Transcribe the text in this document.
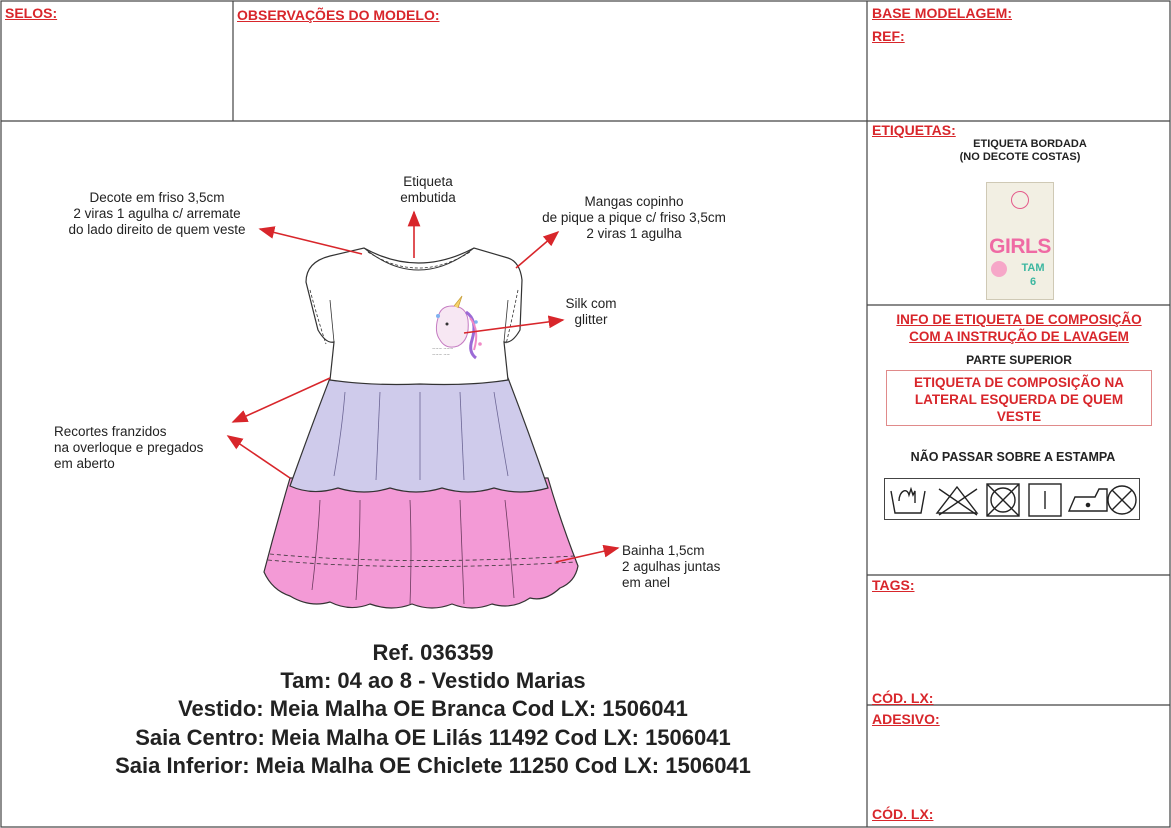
SELOS:	OBSERVAÇÕES DO MODELO:	BASE MODELAGEM:
REF:
ETIQUETAS:
TAGS:
CÓD. LX:
ADESIVO:
CÓD. LX:
ETIQUETA BORDADA
(NO DECOTE COSTAS)
GIRLS
TAM
6
INFO DE ETIQUETA DE COMPOSIÇÃO
COM A INSTRUÇÃO DE LAVAGEM
PARTE SUPERIOR
ETIQUETA DE COMPOSIÇÃO NA
LATERAL ESQUERDA DE QUEM
VESTE
NÃO PASSAR SOBRE A ESTAMPA
~~~ ~~~
~~~ ~~
Decote em friso 3,5cm
2 viras 1 agulha c/ arremate
do lado direito de quem veste
Etiqueta
embutida	Mangas copinho
de pique a pique c/ friso 3,5cm
2 viras 1 agulha
Silk com
glitter
Recortes franzidos
na overloque e pregados
em aberto
Bainha 1,5cm
2 agulhas juntas
em anel
Ref. 036359
Tam: 04 ao 8 - Vestido Marias
Vestido: Meia Malha OE Branca Cod LX: 1506041
Saia Centro: Meia Malha OE Lilás 11492 Cod LX: 1506041
Saia Inferior: Meia Malha OE Chiclete 11250 Cod LX: 1506041
